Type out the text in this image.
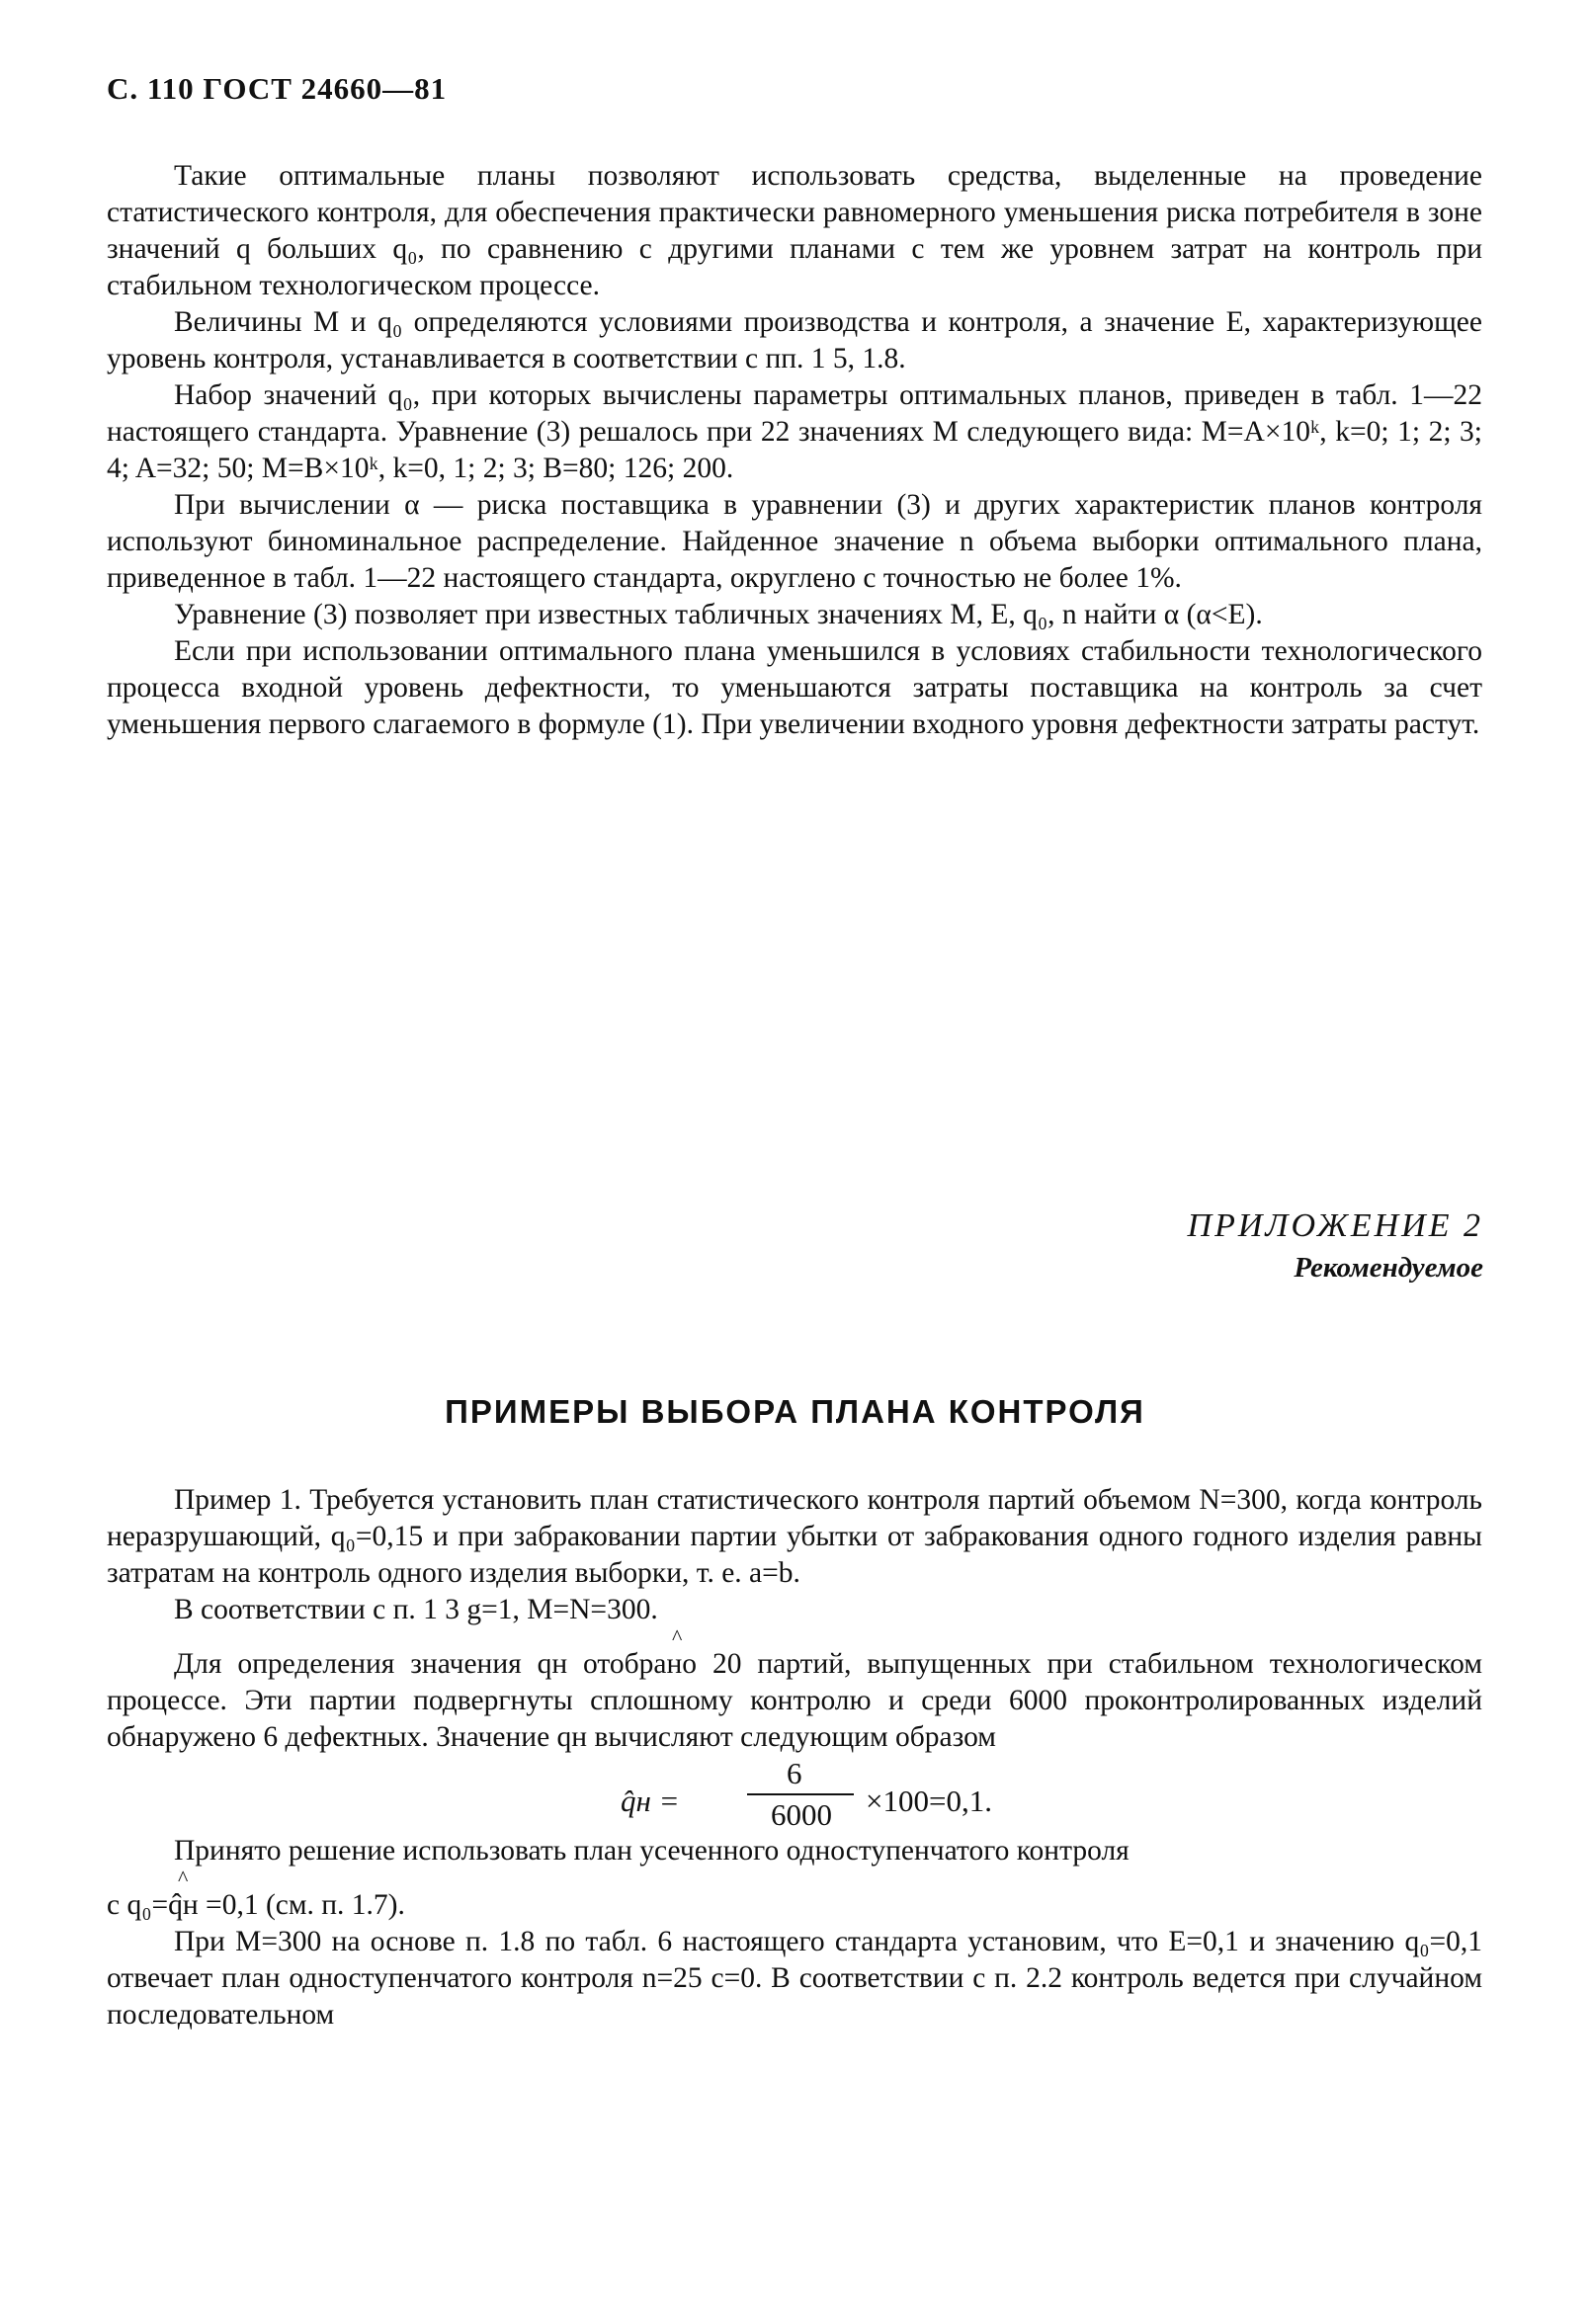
С. 110 ГОСТ 24660—81

Такие оптимальные планы позволяют использовать средства, выделенные на проведение статистического контроля, для обеспечения практически равномерного уменьшения риска потребителя в зоне значений q больших q₀, по сравнению с другими планами с тем же уровнем затрат на контроль при стабильном технологическом процессе.

Величины M и q₀ определяются условиями производства и контроля, а значение E, характеризующее уровень контроля, устанавливается в соответствии с пп. 1 5, 1.8.

Набор значений q₀, при которых вычислены параметры оптимальных планов, приведен в табл. 1—22 настоящего стандарта. Уравнение (3) решалось при 22 значениях M следующего вида: M=A×10ᵏ, k=0; 1; 2; 3; 4; A=32; 50; M=B×10ᵏ, k=0, 1; 2; 3; B=80; 126; 200.

При вычислении α — риска поставщика в уравнении (3) и других характеристик планов контроля используют биноминальное распределение. Найденное значение n объема выборки оптимального плана, приведенное в табл. 1—22 настоящего стандарта, округлено с точностью не более 1%.

Уравнение (3) позволяет при известных табличных значениях M, E, q₀, n найти α (α<E).

Если при использовании оптимального плана уменьшился в условиях стабильности технологического процесса входной уровень дефектности, то уменьшаются затраты поставщика на контроль за счет уменьшения первого слагаемого в формуле (1). При увеличении входного уровня дефектности затраты растут.

ПРИЛОЖЕНИЕ 2
Рекомендуемое
ПРИМЕРЫ ВЫБОРА ПЛАНА КОНТРОЛЯ

Пример 1. Требуется установить план статистического контроля партий объемом N=300, когда контроль неразрушающий, q₀=0,15 и при забраковании партии убытки от забракования одного годного изделия равны затратам на контроль одного изделия выборки, т. е. a=b.

В соответствии с п. 1 3 g=1, M=N=300.

^

Для определения значения qн отобрано 20 партий, выпущенных при стабильном технологическом процессе. Эти партии подвергнуты сплошному контролю и среди 6000 проконтролированных изделий обнаружено 6 дефектных. Значение qн вычисляют следующим образом

q̂н =
6
6000 ×100=0,1.

Принято решение использовать план усеченного одноступенчатого контроля

^

с q₀=q̂н =0,1 (см. п. 1.7).

При M=300 на основе п. 1.8 по табл. 6 настоящего стандарта установим, что E=0,1 и значению q₀=0,1 отвечает план одноступенчатого контроля n=25 c=0. В соответствии с п. 2.2 контроль ведется при случайном последовательном
